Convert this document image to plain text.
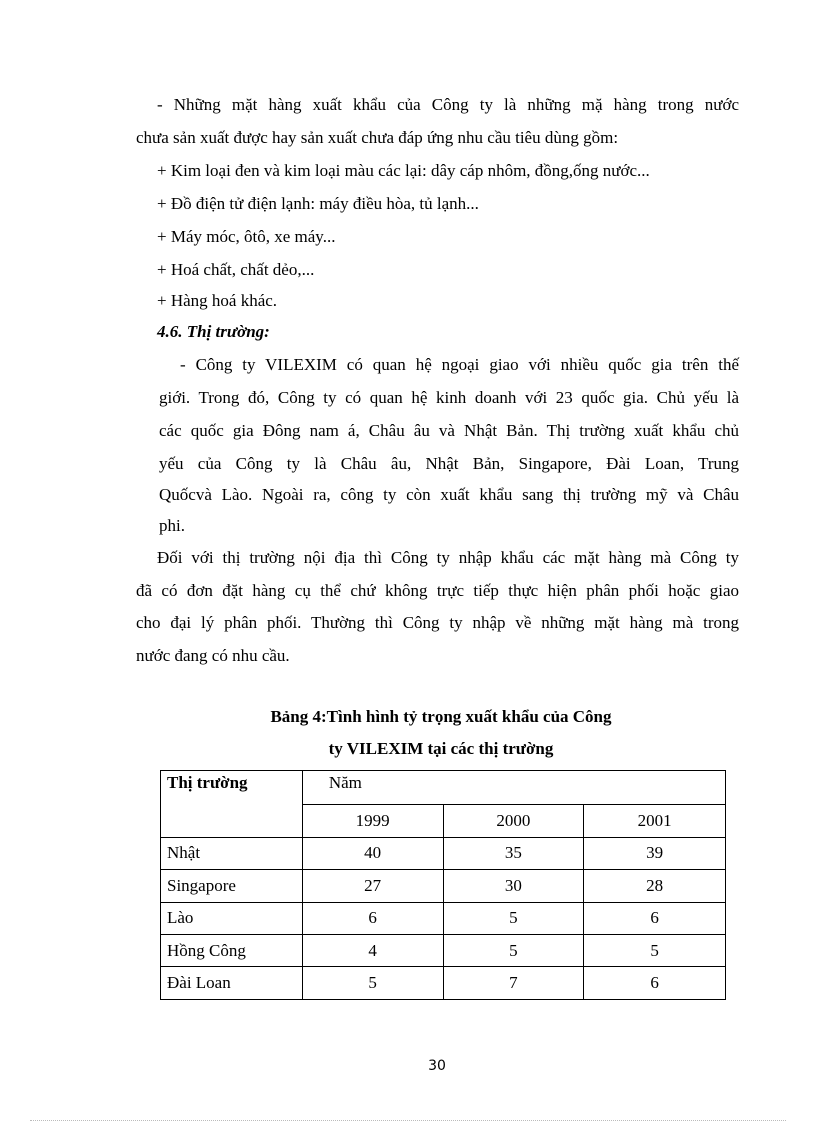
- Những mặt hàng xuất khẩu của Công ty là những mặ hàng trong nước
chưa sản xuất được hay sản xuất chưa đáp ứng nhu cầu tiêu dùng gồm:
+ Kim loại đen và kim loại màu các lại: dây cáp nhôm, đồng,ống nước...
+ Đồ điện tử điện lạnh: máy điều hòa, tủ lạnh...
+ Máy móc, ôtô, xe máy...
+ Hoá chất, chất dẻo,...
+ Hàng hoá khác.
4.6. Thị trường:
- Công ty VILEXIM có quan hệ ngoại giao với nhiều quốc gia trên thế
giới. Trong đó, Công ty có quan hệ kinh doanh với 23 quốc gia. Chủ yếu là
các quốc gia Đông nam á, Châu âu và Nhật Bản. Thị trường xuất khẩu chủ
yếu của Công ty là Châu âu, Nhật Bản, Singapore, Đài Loan, Trung
Quốcvà Lào. Ngoài ra, công ty còn xuất khẩu sang thị trường mỹ và Châu
phi.
Đối với thị trường nội địa thì Công ty nhập khẩu các mặt hàng mà Công ty
đã có đơn đặt hàng cụ thể chứ không trực tiếp thực hiện phân phối hoặc giao
cho đại lý phân phối. Thường thì Công ty nhập về những mặt hàng mà trong
nước đang có nhu cầu.
Bảng 4:Tình hình tỷ trọng xuất khẩu của Công
ty VILEXIM tại các thị trường
Thị trường	Năm		
	1999	2000	2001
Nhật	40	35	39
Singapore	27	30	28
Lào	6	5	6
Hồng Công	4	5	5
Đài Loan	5	7	6
30
